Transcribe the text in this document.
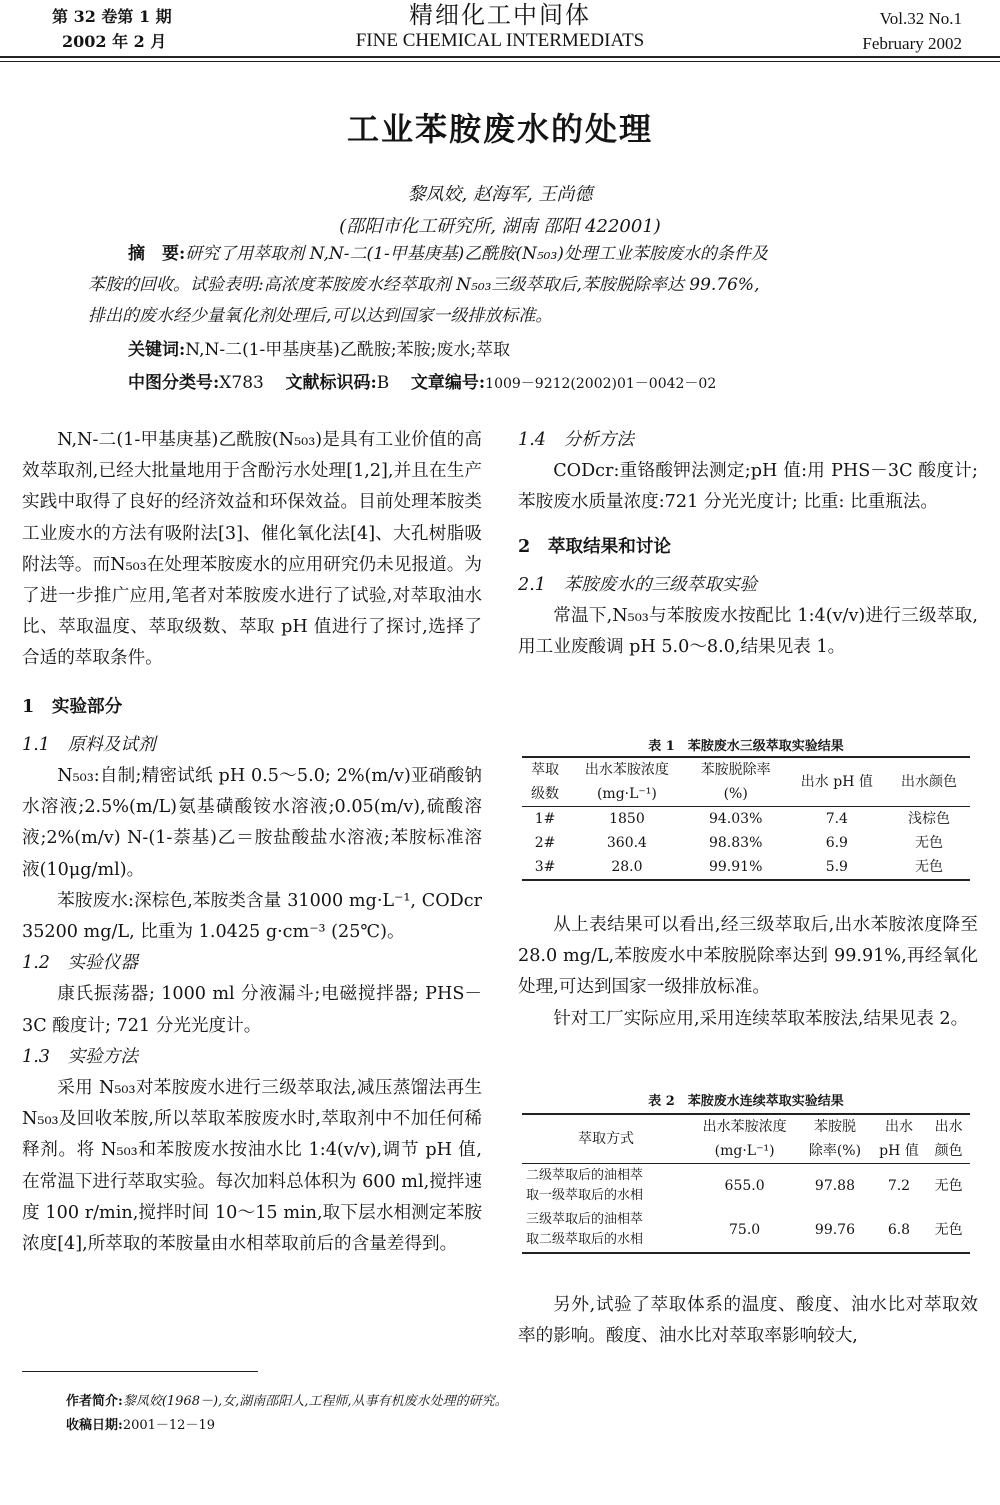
第 32 卷第 1 期
2002 年 2 月
精细化工中间体
FINE CHEMICAL INTERMEDIATS
Vol.32 No.1
February 2002
工业苯胺废水的处理
黎凤姣, 赵海军, 王尚德
(邵阳市化工研究所, 湖南 邵阳 422001)
摘　要:研究了用萃取剂 N,N-二(1-甲基庚基)乙酰胺(N₅₀₃)处理工业苯胺废水的条件及
苯胺的回收。试验表明:高浓度苯胺废水经萃取剂 N₅₀₃三级萃取后,苯胺脱除率达 99.76%,
排出的废水经少量氧化剂处理后,可以达到国家一级排放标准。
关键词:N,N-二(1-甲基庚基)乙酰胺;苯胺;废水;萃取
中图分类号:X783 文献标识码:B 文章编号:1009－9212(2002)01－0042－02

N,N-二(1-甲基庚基)乙酰胺(N₅₀₃)是具有工业价值的高效萃取剂,已经大批量地用于含酚污水处理[1,2],并且在生产实践中取得了良好的经济效益和环保效益。目前处理苯胺类工业废水的方法有吸附法[3]、催化氧化法[4]、大孔树脂吸附法等。而N₅₀₃在处理苯胺废水的应用研究仍未见报道。为了进一步推广应用,笔者对苯胺废水进行了试验,对萃取油水比、萃取温度、萃取级数、萃取 pH 值进行了探讨,选择了合适的萃取条件。

1　实验部分
1.1　原料及试剂

N₅₀₃:自制;精密试纸 pH 0.5～5.0; 2%(m/v)亚硝酸钠水溶液;2.5%(m/L)氨基磺酸铵水溶液;0.05(m/v),硫酸溶液;2%(m/v) N-(1-萘基)乙＝胺盐酸盐水溶液;苯胺标准溶液(10μg/ml)。

苯胺废水:深棕色,苯胺类含量 31000 mg·L⁻¹, CODcr 35200 mg/L, 比重为 1.0425 g·cm⁻³ (25℃)。

1.2　实验仪器

康氏振荡器; 1000 ml 分液漏斗;电磁搅拌器; PHS－3C 酸度计; 721 分光光度计。

1.3　实验方法

采用 N₅₀₃对苯胺废水进行三级萃取法,减压蒸馏法再生 N₅₀₃及回收苯胺,所以萃取苯胺废水时,萃取剂中不加任何稀释剂。将 N₅₀₃和苯胺废水按油水比 1:4(v/v),调节 pH 值,在常温下进行萃取实验。每次加料总体积为 600 ml,搅拌速度 100 r/min,搅拌时间 10～15 min,取下层水相测定苯胺浓度[4],所萃取的苯胺量由水相萃取前后的含量差得到。

1.4　分析方法

CODcr:重铬酸钾法测定;pH 值:用 PHS－3C 酸度计;苯胺废水质量浓度:721 分光光度计; 比重: 比重瓶法。

2　萃取结果和讨论
2.1　苯胺废水的三级萃取实验

常温下,N₅₀₃与苯胺废水按配比 1:4(v/v)进行三级萃取,用工业废酸调 pH 5.0～8.0,结果见表 1。

表 1　苯胺废水三级萃取实验结果
萃取	出水苯胺浓度	苯胺脱除率	出水 pH 值	出水颜色
级数	(mg·L⁻¹)	(%)		
1#	1850	94.03%	7.4	浅棕色
2#	360.4	98.83%	6.9	无色
3#	28.0	99.91%	5.9	无色

从上表结果可以看出,经三级萃取后,出水苯胺浓度降至 28.0 mg/L,苯胺废水中苯胺脱除率达到 99.91%,再经氧化处理,可达到国家一级排放标准。

针对工厂实际应用,采用连续萃取苯胺法,结果见表 2。

表 2　苯胺废水连续萃取实验结果
萃取方式	出水苯胺浓度	苯胺脱	出水	出水
	(mg·L⁻¹)	除率(%)	pH 值	颜色

二级萃取后的油相萃
取一级萃取后的水相	655.0	97.88	7.2	无色

三级萃取后的油相萃
取二级萃取后的水相	75.0	99.76	6.8	无色

另外,试验了萃取体系的温度、酸度、油水比对萃取效率的影响。酸度、油水比对萃取率影响较大,

作者简介:黎凤姣(1968－),女,湖南邵阳人,工程师,从事有机废水处理的研究。
收稿日期:2001－12－19
